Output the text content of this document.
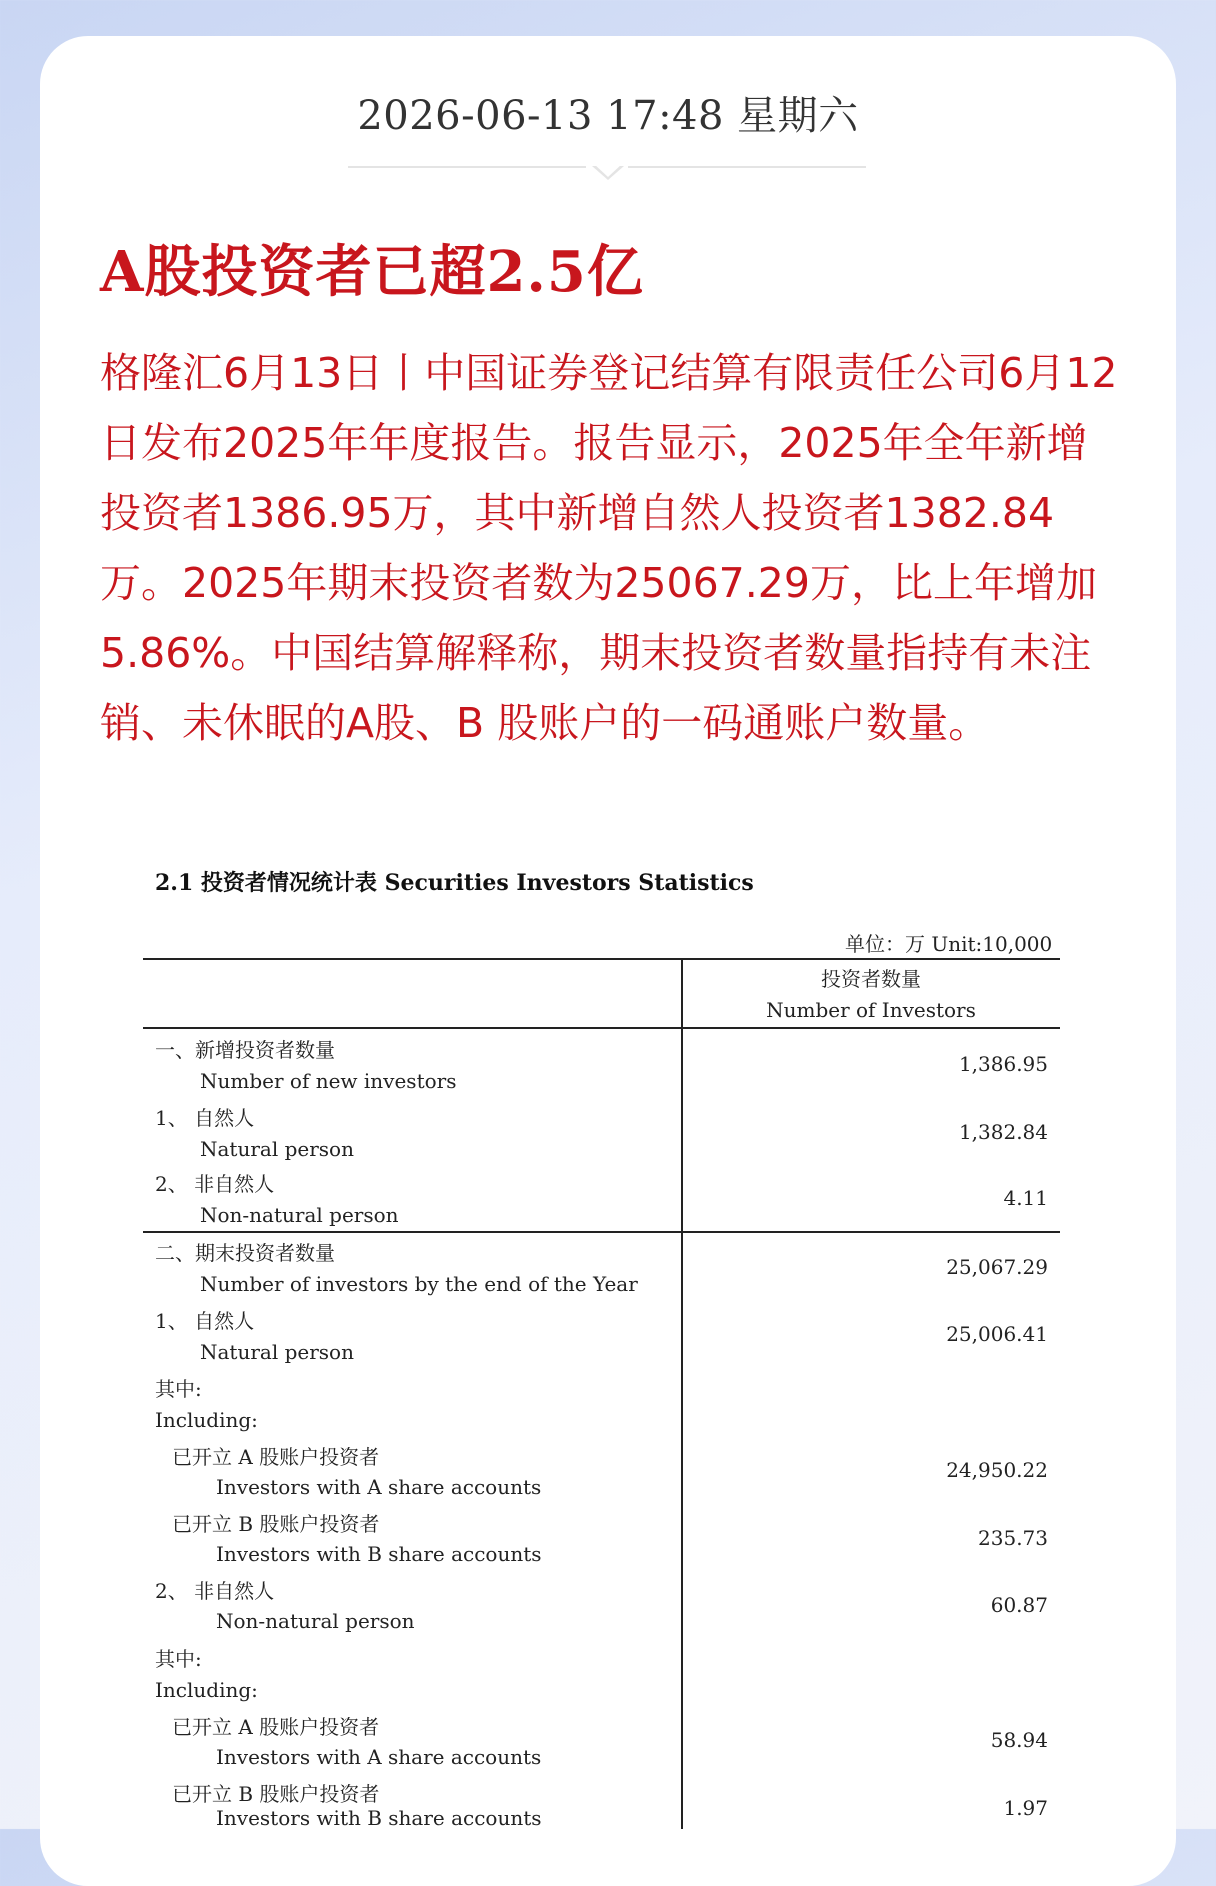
2026-06-13 17:48 星期六
A股投资者已超2.5亿

格隆汇6月13日丨中国证券登记结算有限责任公司6月12日发布2025年年度报告。报告显示，2025年全年新增投资者1386.95万，其中新增自然人投资者1382.84万。2025年期末投资者数为25067.29万，比上年增加5.86%。中国结算解释称，期末投资者数量指持有未注销、未休眠的A股、B 股账户的一码通账户数量。

2.1 投资者情况统计表 Securities Investors Statistics
单位：万 Unit:10,000
投资者数量
Number of Investors
一、新增投资者数量
Number of new investors
1,386.95
1、 自然人
Natural person
1,382.84
2、 非自然人
Non-natural person
4.11
二、期末投资者数量
Number of investors by the end of the Year
25,067.29
1、 自然人
Natural person
25,006.41
其中:
Including:
已开立 A 股账户投资者
Investors with A share accounts
24,950.22
已开立 B 股账户投资者
Investors with B share accounts
235.73
2、 非自然人
Non-natural person
60.87
其中:
Including:
已开立 A 股账户投资者
Investors with A share accounts
58.94
已开立 B 股账户投资者
Investors with B share accounts	1.97
